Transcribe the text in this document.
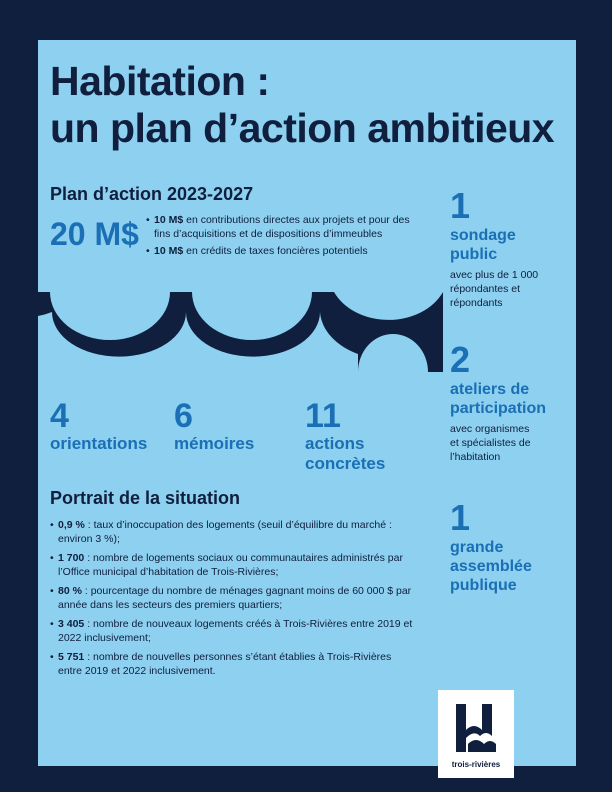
Habitation :
un plan d’action ambitieux
Plan d’action 2023-2027
20 M$
•	10 M$ en contributions directes aux projets et pour des fins d’acquisitions et de dispositions d’immeubles
• 10 M$ en crédits de taxes foncières potentiels
4
orientations
6
mémoires
11
actions
concrètes
1
sondage
public
avec plus de 1 000
répondantes et
répondants
2
ateliers de
participation
avec organismes
et spécialistes de
l’habitation
1
grande
assemblée
publique
Portrait de la situation
• 0,9 % : taux d’inoccupation des logements (seuil d’équilibre du marché : environ 3 %);
• 1 700 : nombre de logements sociaux ou communautaires administrés par l’Office municipal d’habitation de Trois-Rivières;
• 80 % : pourcentage du nombre de ménages gagnant moins de 60 000 $ par année dans les secteurs des premiers quartiers;
• 3 405 : nombre de nouveaux logements créés à Trois-Rivières entre 2019 et 2022 inclusivement;
• 5 751 : nombre de nouvelles personnes s’étant établies à Trois-Rivières entre 2019 et 2022 inclusivement.
trois-rivières
